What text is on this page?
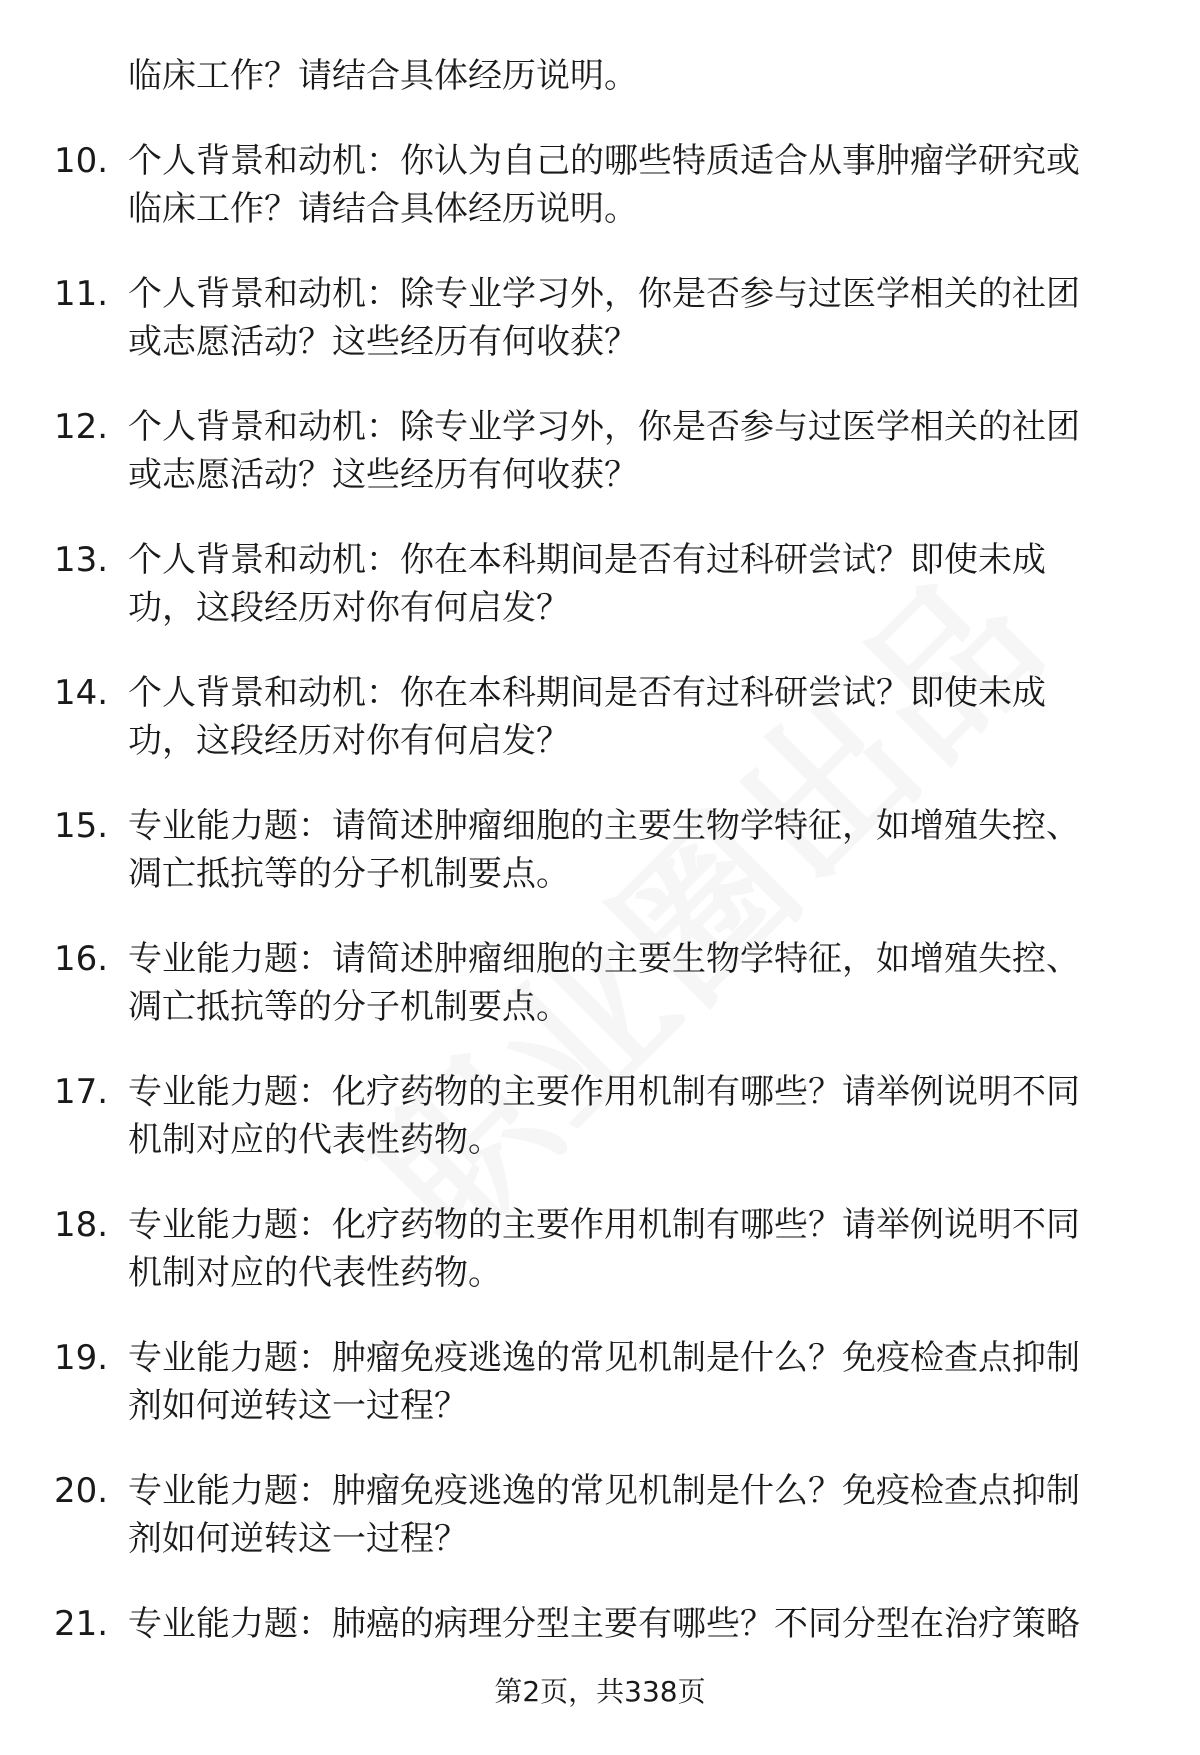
临床工作？请结合具体经历说明。
10. 个人背景和动机：你认为自己的哪些特质适合从事肿瘤学研究或
临床工作？请结合具体经历说明。
11. 个人背景和动机：除专业学习外，你是否参与过医学相关的社团
或志愿活动？这些经历有何收获？
12. 个人背景和动机：除专业学习外，你是否参与过医学相关的社团
或志愿活动？这些经历有何收获？
13. 个人背景和动机：你在本科期间是否有过科研尝试？即使未成
功，这段经历对你有何启发？
14. 个人背景和动机：你在本科期间是否有过科研尝试？即使未成
功，这段经历对你有何启发？
15. 专业能力题：请简述肿瘤细胞的主要生物学特征，如增殖失控、
凋亡抵抗等的分子机制要点。
16. 专业能力题：请简述肿瘤细胞的主要生物学特征，如增殖失控、
凋亡抵抗等的分子机制要点。
17. 专业能力题：化疗药物的主要作用机制有哪些？请举例说明不同
机制对应的代表性药物。
18. 专业能力题：化疗药物的主要作用机制有哪些？请举例说明不同
机制对应的代表性药物。
19. 专业能力题：肿瘤免疫逃逸的常见机制是什么？免疫检查点抑制
剂如何逆转这一过程？
20. 专业能力题：肿瘤免疫逃逸的常见机制是什么？免疫检查点抑制
剂如何逆转这一过程？
21. 专业能力题：肺癌的病理分型主要有哪些？不同分型在治疗策略
第2页，共338页
